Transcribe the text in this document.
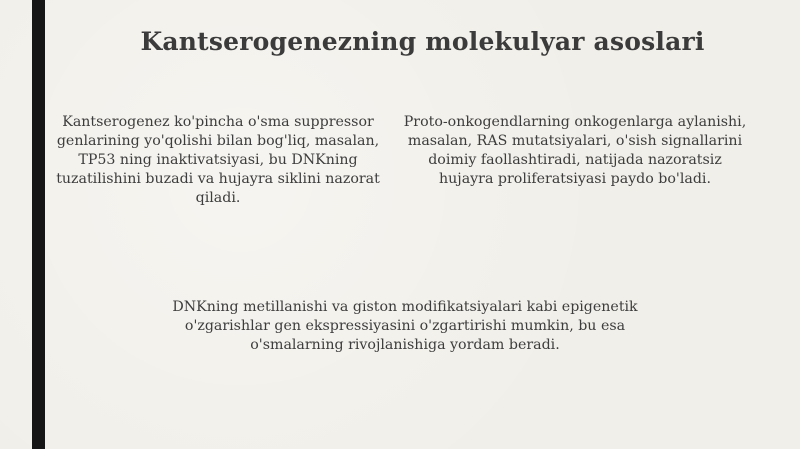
Kantserogenezning molekulyar asoslari

Kantserogenez ko'pincha o'sma suppressor genlarining yo'qolishi bilan bog'liq, masalan, TP53 ning inaktivatsiyasi, bu DNKning tuzatilishini buzadi va hujayra siklini nazorat qiladi.

Proto-onkogendlarning onkogenlarga aylanishi, masalan, RAS mutatsiyalari, o'sish signallarini doimiy faollashtiradi, natijada nazoratsiz hujayra proliferatsiyasi paydo bo'ladi.

DNKning metillanishi va giston modifikatsiyalari kabi epigenetik o'zgarishlar gen ekspressiyasini o'zgartirishi mumkin, bu esa o'smalarning rivojlanishiga yordam beradi.
